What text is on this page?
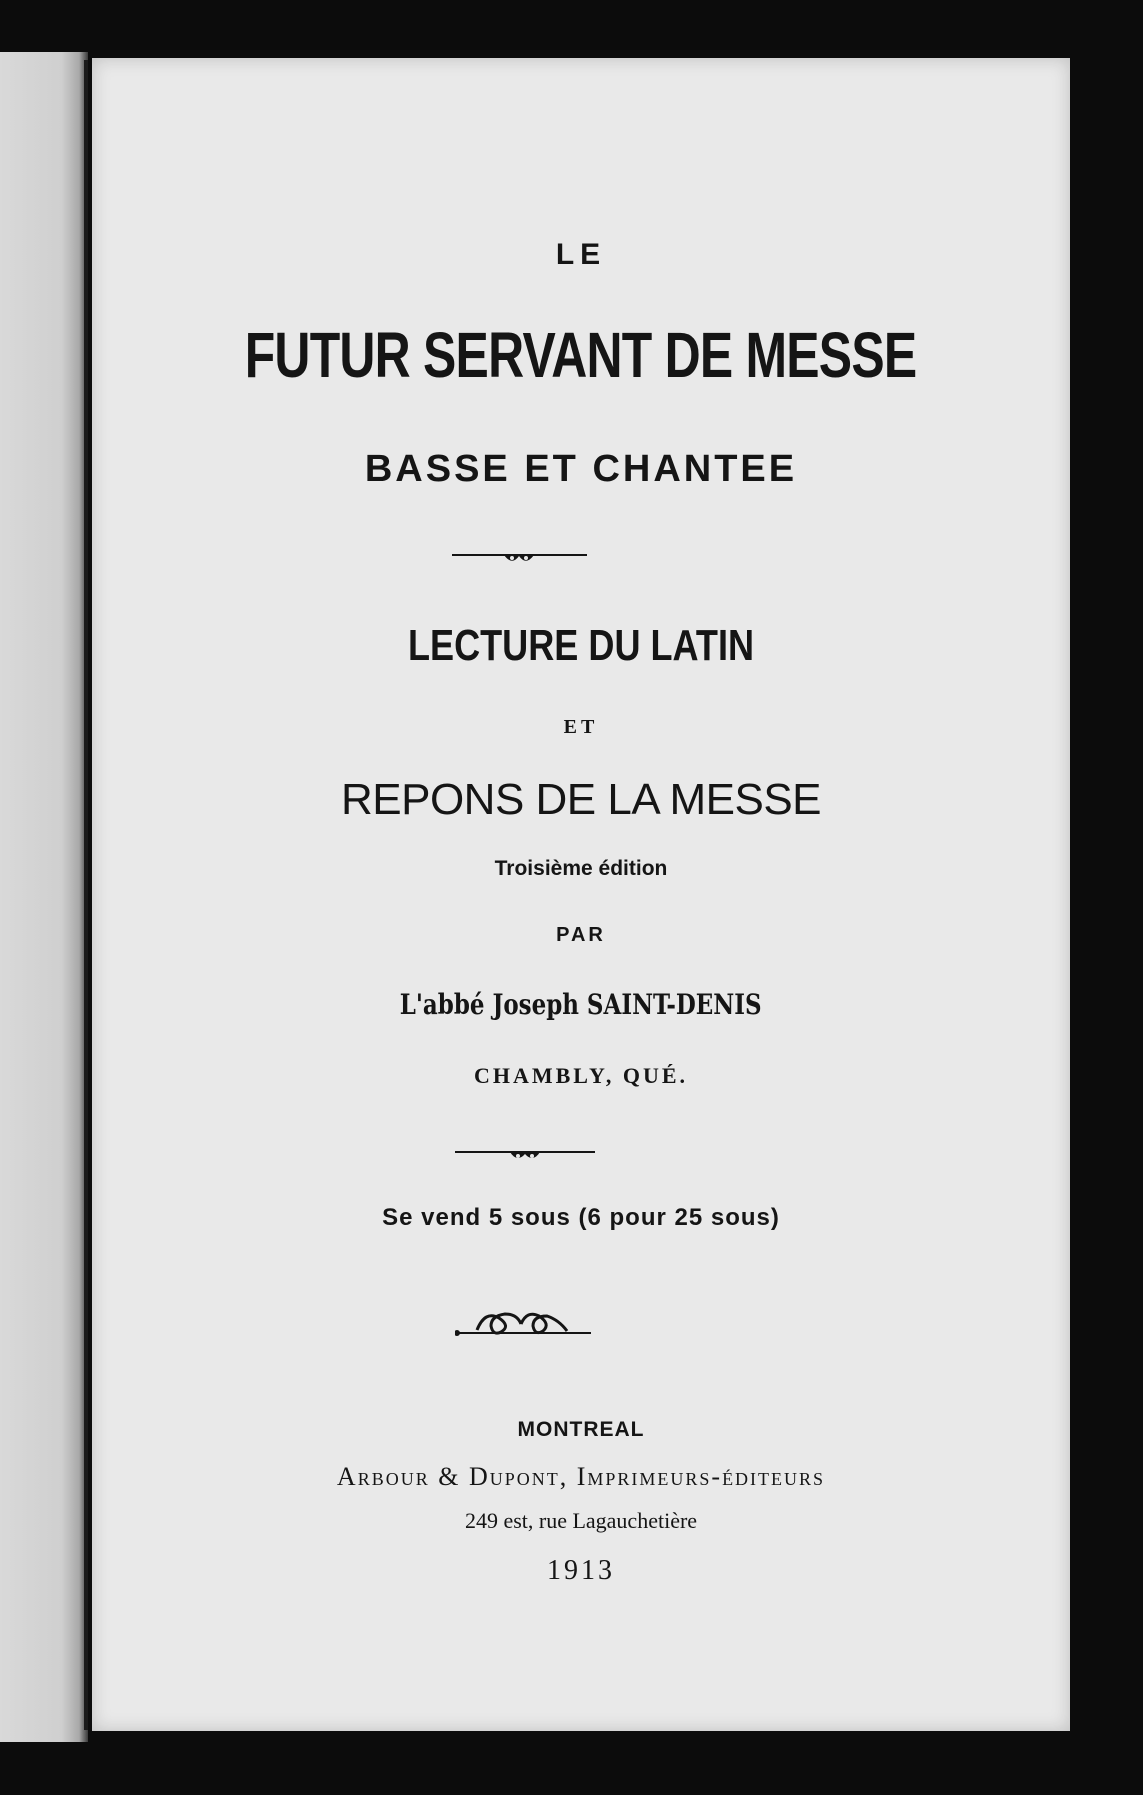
LE
FUTUR SERVANT DE MESSE
BASSE ET CHANTEE
LECTURE DU LATIN
ET
REPONS DE LA MESSE
Troisième édition
PAR
L'abbé Joseph SAINT-DENIS
CHAMBLY, QUÉ.
Se vend 5 sous (6 pour 25 sous)
MONTREAL
Arbour & Dupont, Imprimeurs-éditeurs
249 est, rue Lagauchetière
1913
